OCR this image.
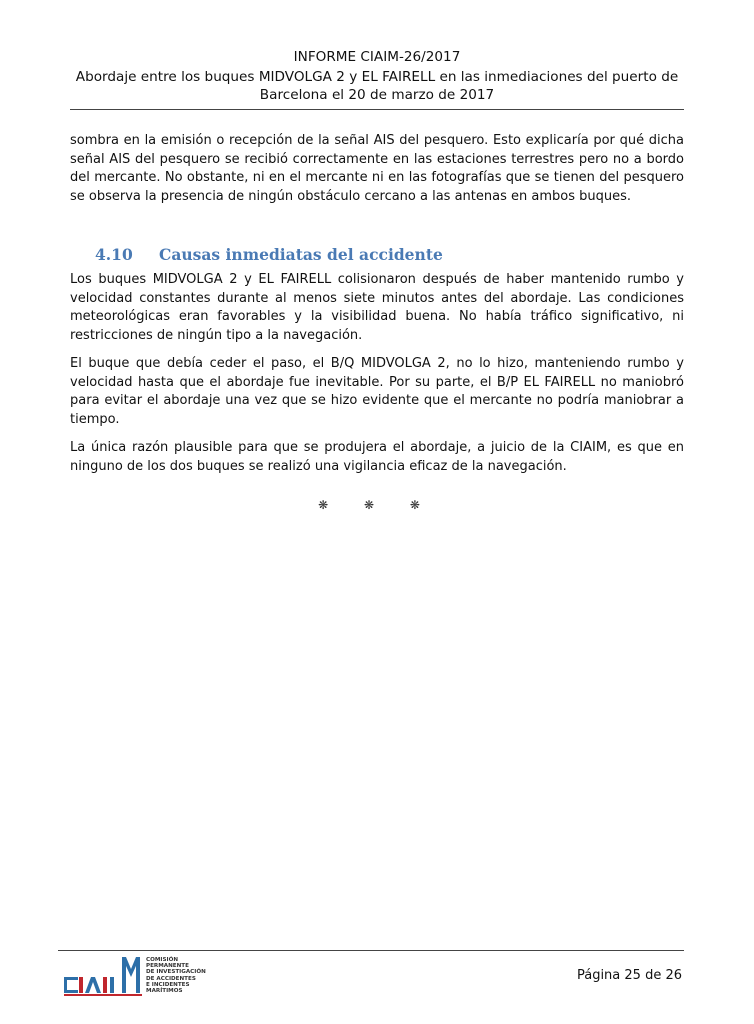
INFORME CIAIM-26/2017
Abordaje entre los buques MIDVOLGA 2 y EL FAIRELL en las inmediaciones del puerto de
Barcelona el 20 de marzo de 2017

sombra en la emisión o recepción de la señal AIS del pesquero. Esto explicaría por qué dicha señal AIS del pesquero se recibió correctamente en las estaciones terrestres pero no a bordo del mercante. No obstante, ni en el mercante ni en las fotografías que se tienen del pesquero se observa la presencia de ningún obstáculo cercano a las antenas en ambos buques.

4.10 Causas inmediatas del accidente

Los buques MIDVOLGA 2 y EL FAIRELL colisionaron después de haber mantenido rumbo y velocidad constantes durante al menos siete minutos antes del abordaje. Las condiciones meteorológicas eran favorables y la visibilidad buena. No había tráfico significativo, ni restricciones de ningún tipo a la navegación.

El buque que debía ceder el paso, el B/Q MIDVOLGA 2, no lo hizo, manteniendo rumbo y velocidad hasta que el abordaje fue inevitable. Por su parte, el B/P EL FAIRELL no maniobró para evitar el abordaje una vez que se hizo evidente que el mercante no podría maniobrar a tiempo.

La única razón plausible para que se produjera el abordaje, a juicio de la CIAIM, es que en ninguno de los dos buques se realizó una vigilancia eficaz de la navegación.

❋ ❋ ❋
COMISIÓN
PERMANENTE
DE INVESTIGACIÓN
DE ACCIDENTES
E INCIDENTES
MARÍTIMOS
Página 25 de 26
